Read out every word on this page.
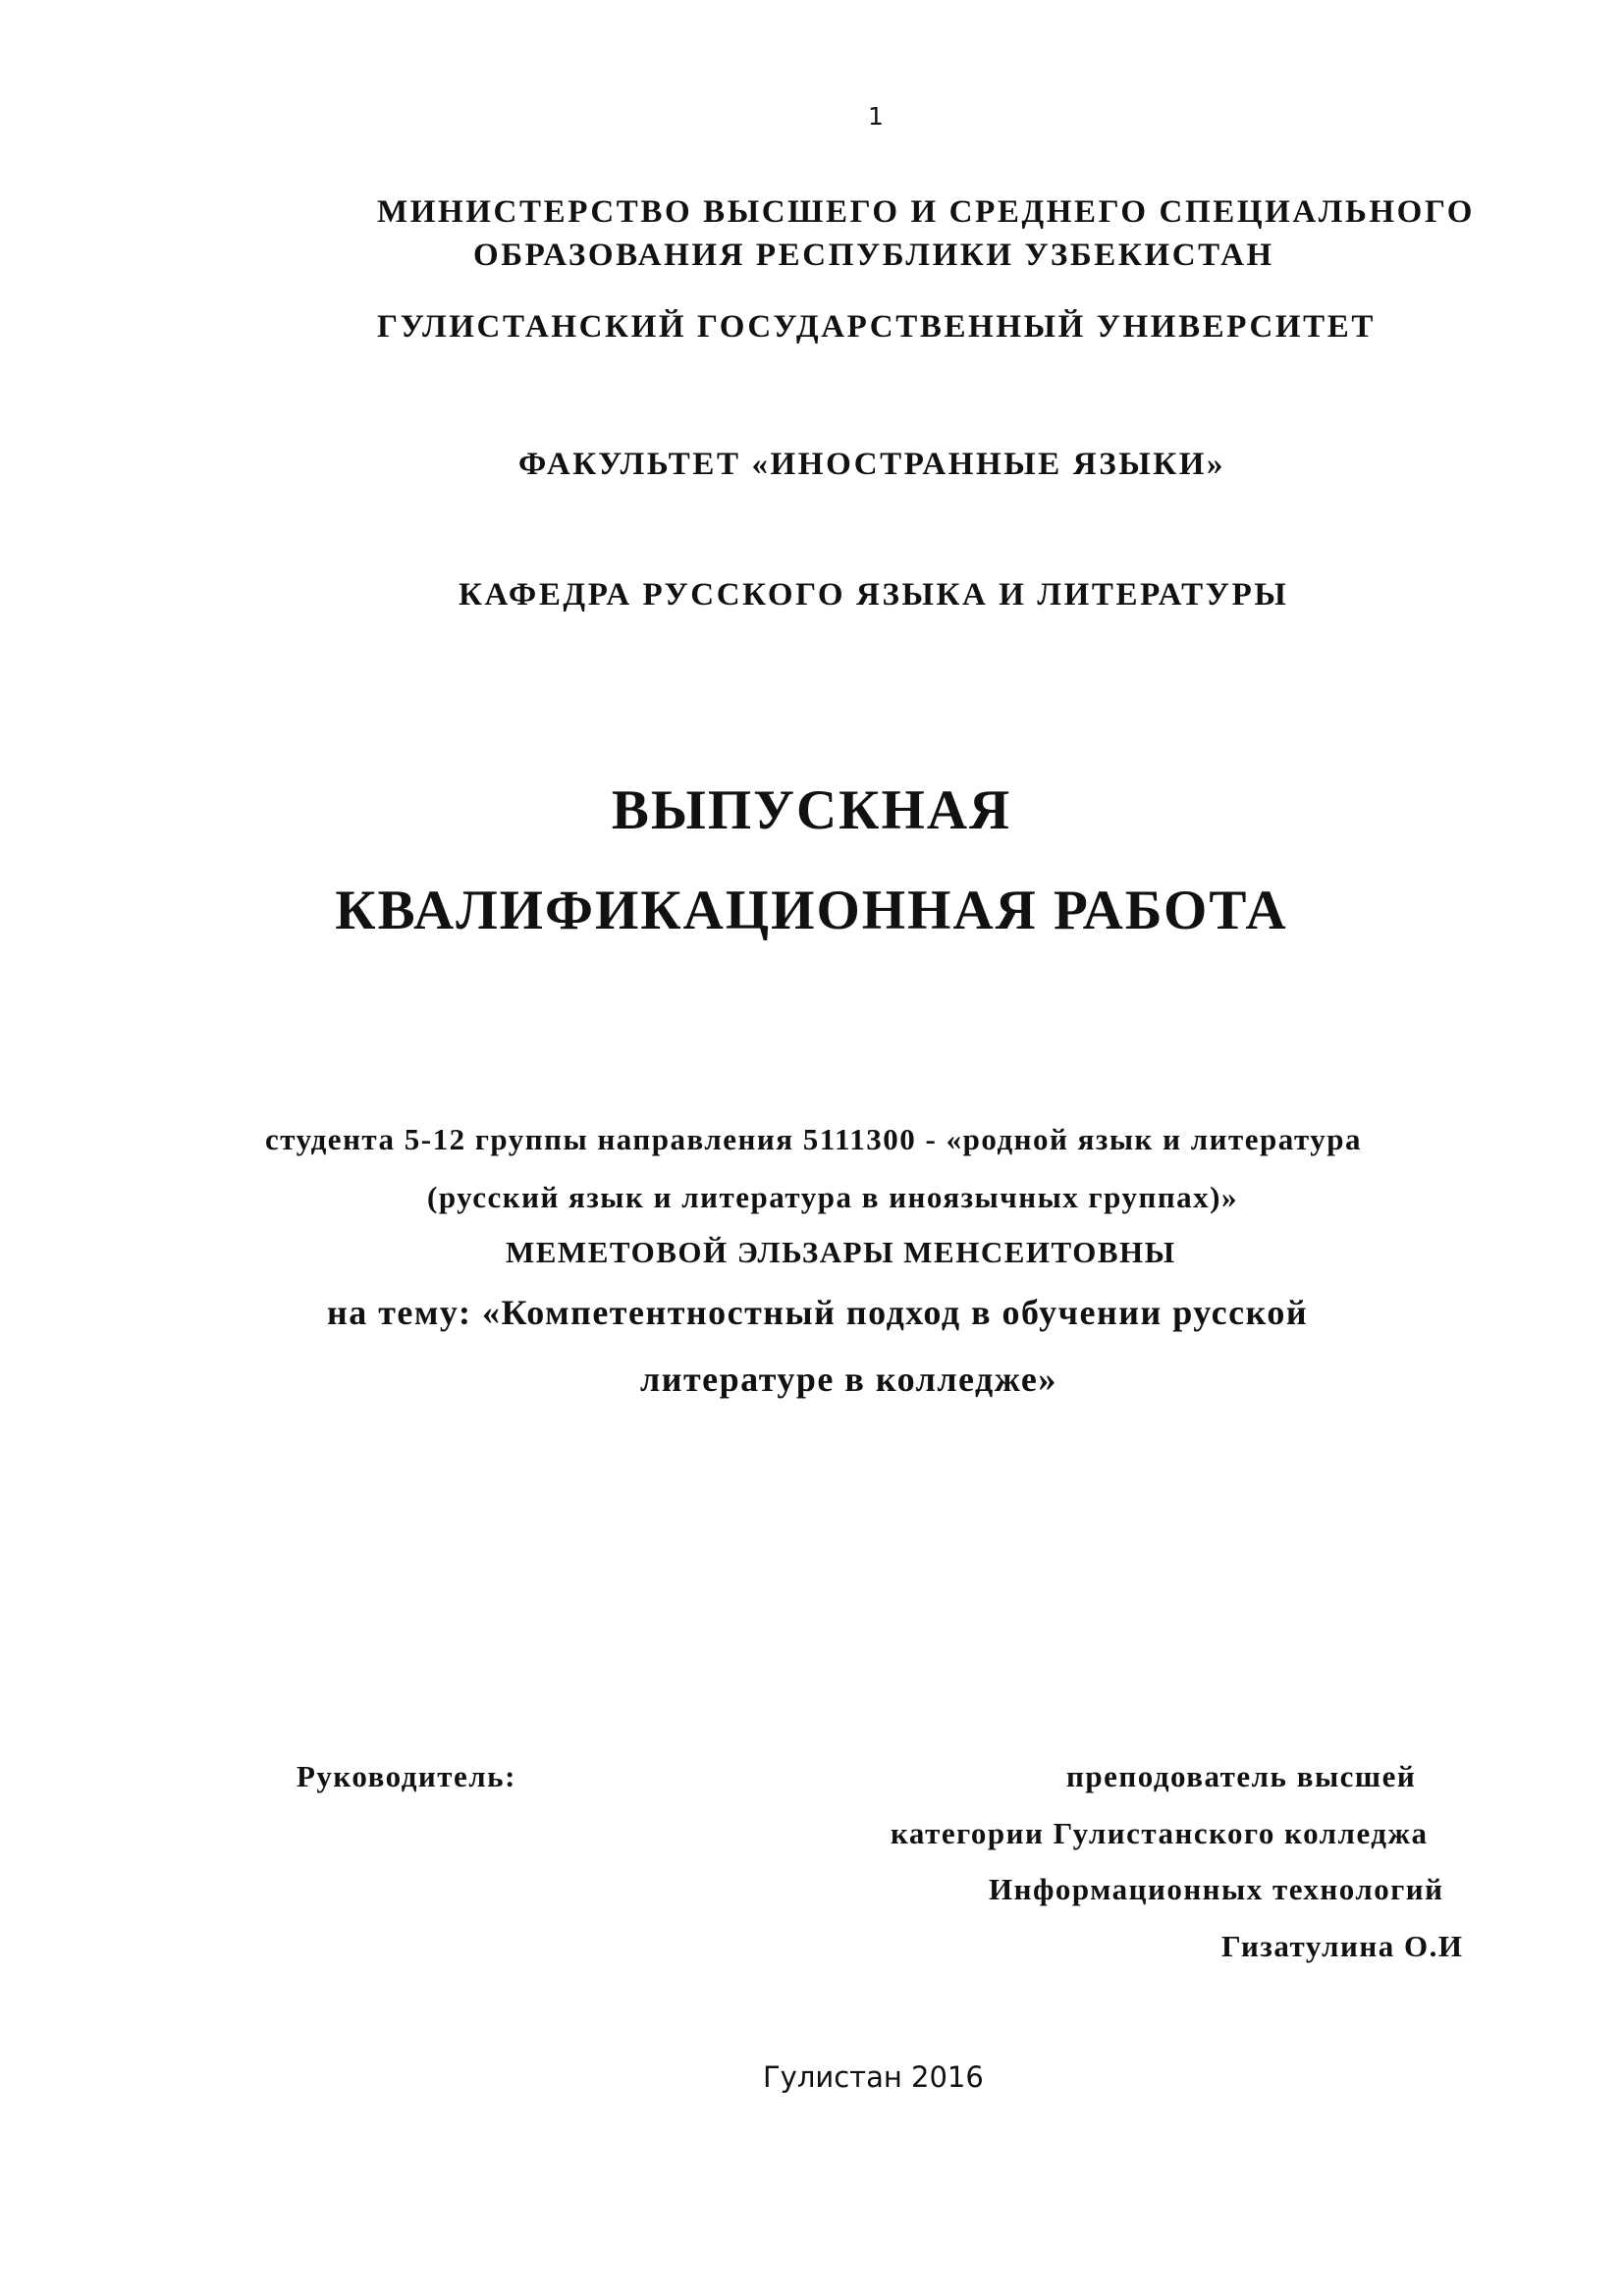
1
МИНИСТЕРСТВО ВЫСШЕГО И СРЕДНЕГО СПЕЦИАЛЬНОГО
ОБРАЗОВАНИЯ РЕСПУБЛИКИ УЗБЕКИСТАН
ГУЛИСТАНСКИЙ ГОСУДАРСТВЕННЫЙ УНИВЕРСИТЕТ
ФАКУЛЬТЕТ «ИНОСТРАННЫЕ ЯЗЫКИ»
КАФЕДРА РУССКОГО ЯЗЫКА И ЛИТЕРАТУРЫ
ВЫПУСКНАЯ
КВАЛИФИКАЦИОННАЯ РАБОТА
студента 5-12 группы направления 5111300 - «родной язык и литература
(русский язык и литература в иноязычных группах)»
МЕМЕТОВОЙ ЭЛЬЗАРЫ МЕНСЕИТОВНЫ
на тему: «Компетентностный подход в обучении русской
литературе в колледже»
Руководитель:	преподователь высшей
категории Гулистанского колледжа
Информационных технологий
Гизатулина О.И
Гулистан 2016
